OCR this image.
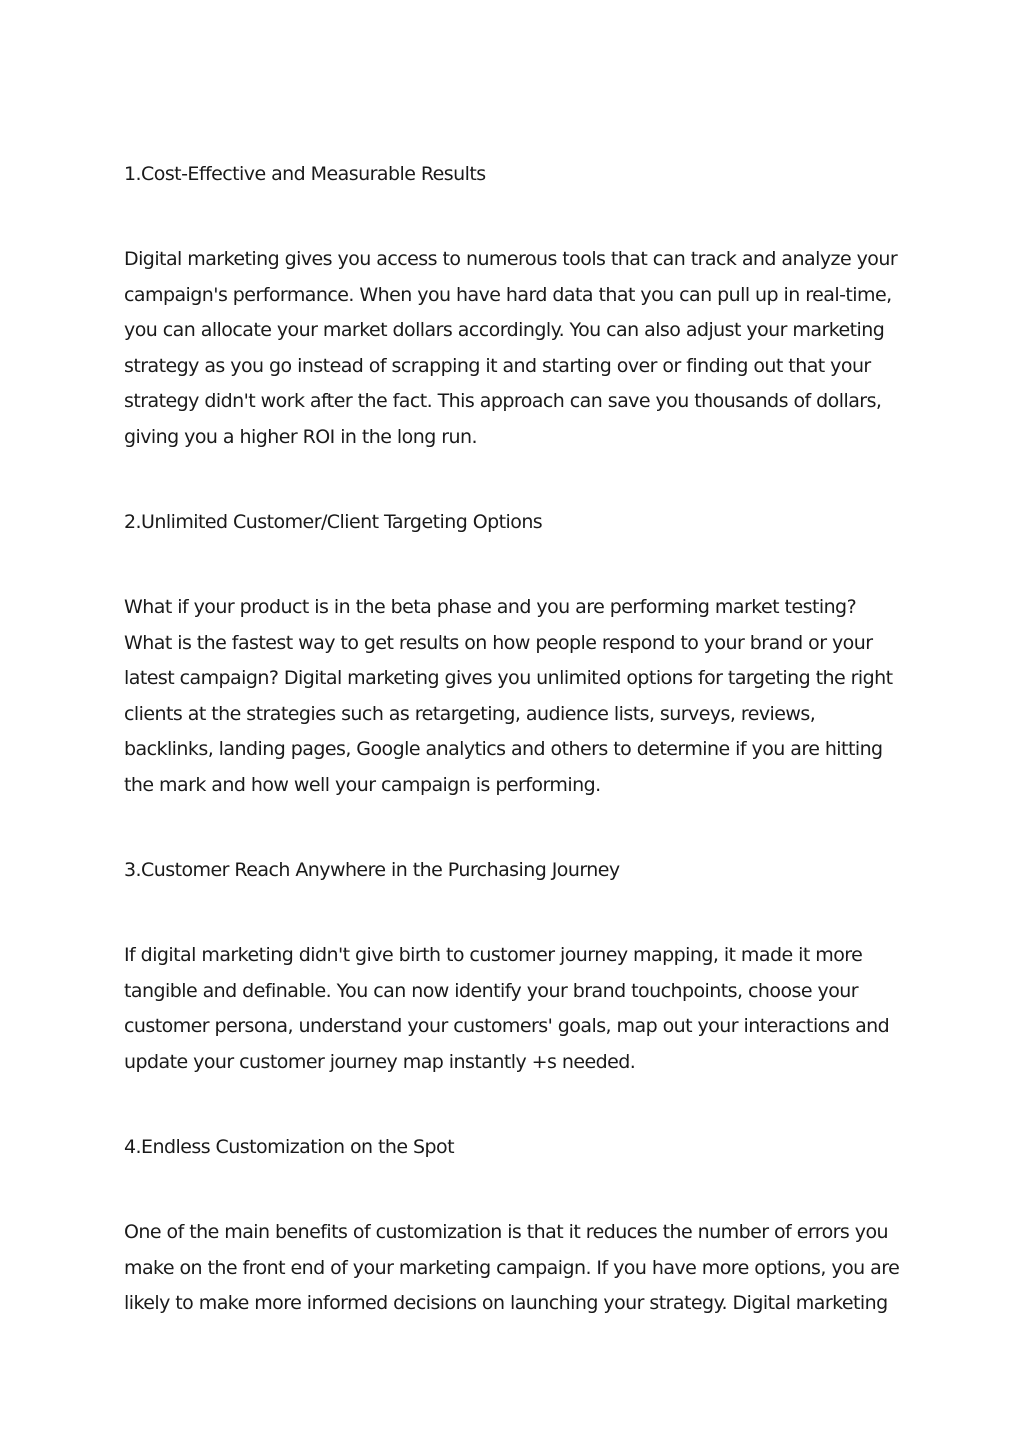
1.Cost-Effective and Measurable Results

Digital marketing gives you access to numerous tools that can track and analyze your
campaign's performance. When you have hard data that you can pull up in real-time,
you can allocate your market dollars accordingly. You can also adjust your marketing
strategy as you go instead of scrapping it and starting over or finding out that your
strategy didn't work after the fact. This approach can save you thousands of dollars,
giving you a higher ROI in the long run.

2.Unlimited Customer/Client Targeting Options

What if your product is in the beta phase and you are performing market testing?
What is the fastest way to get results on how people respond to your brand or your
latest campaign? Digital marketing gives you unlimited options for targeting the right
clients at the strategies such as retargeting, audience lists, surveys, reviews,
backlinks, landing pages, Google analytics and others to determine if you are hitting
the mark and how well your campaign is performing.

3.Customer Reach Anywhere in the Purchasing Journey

If digital marketing didn't give birth to customer journey mapping, it made it more
tangible and definable. You can now identify your brand touchpoints, choose your
customer persona, understand your customers' goals, map out your interactions and
update your customer journey map instantly +s needed.

4.Endless Customization on the Spot

One of the main benefits of customization is that it reduces the number of errors you
make on the front end of your marketing campaign. If you have more options, you are
likely to make more informed decisions on launching your strategy. Digital marketing
